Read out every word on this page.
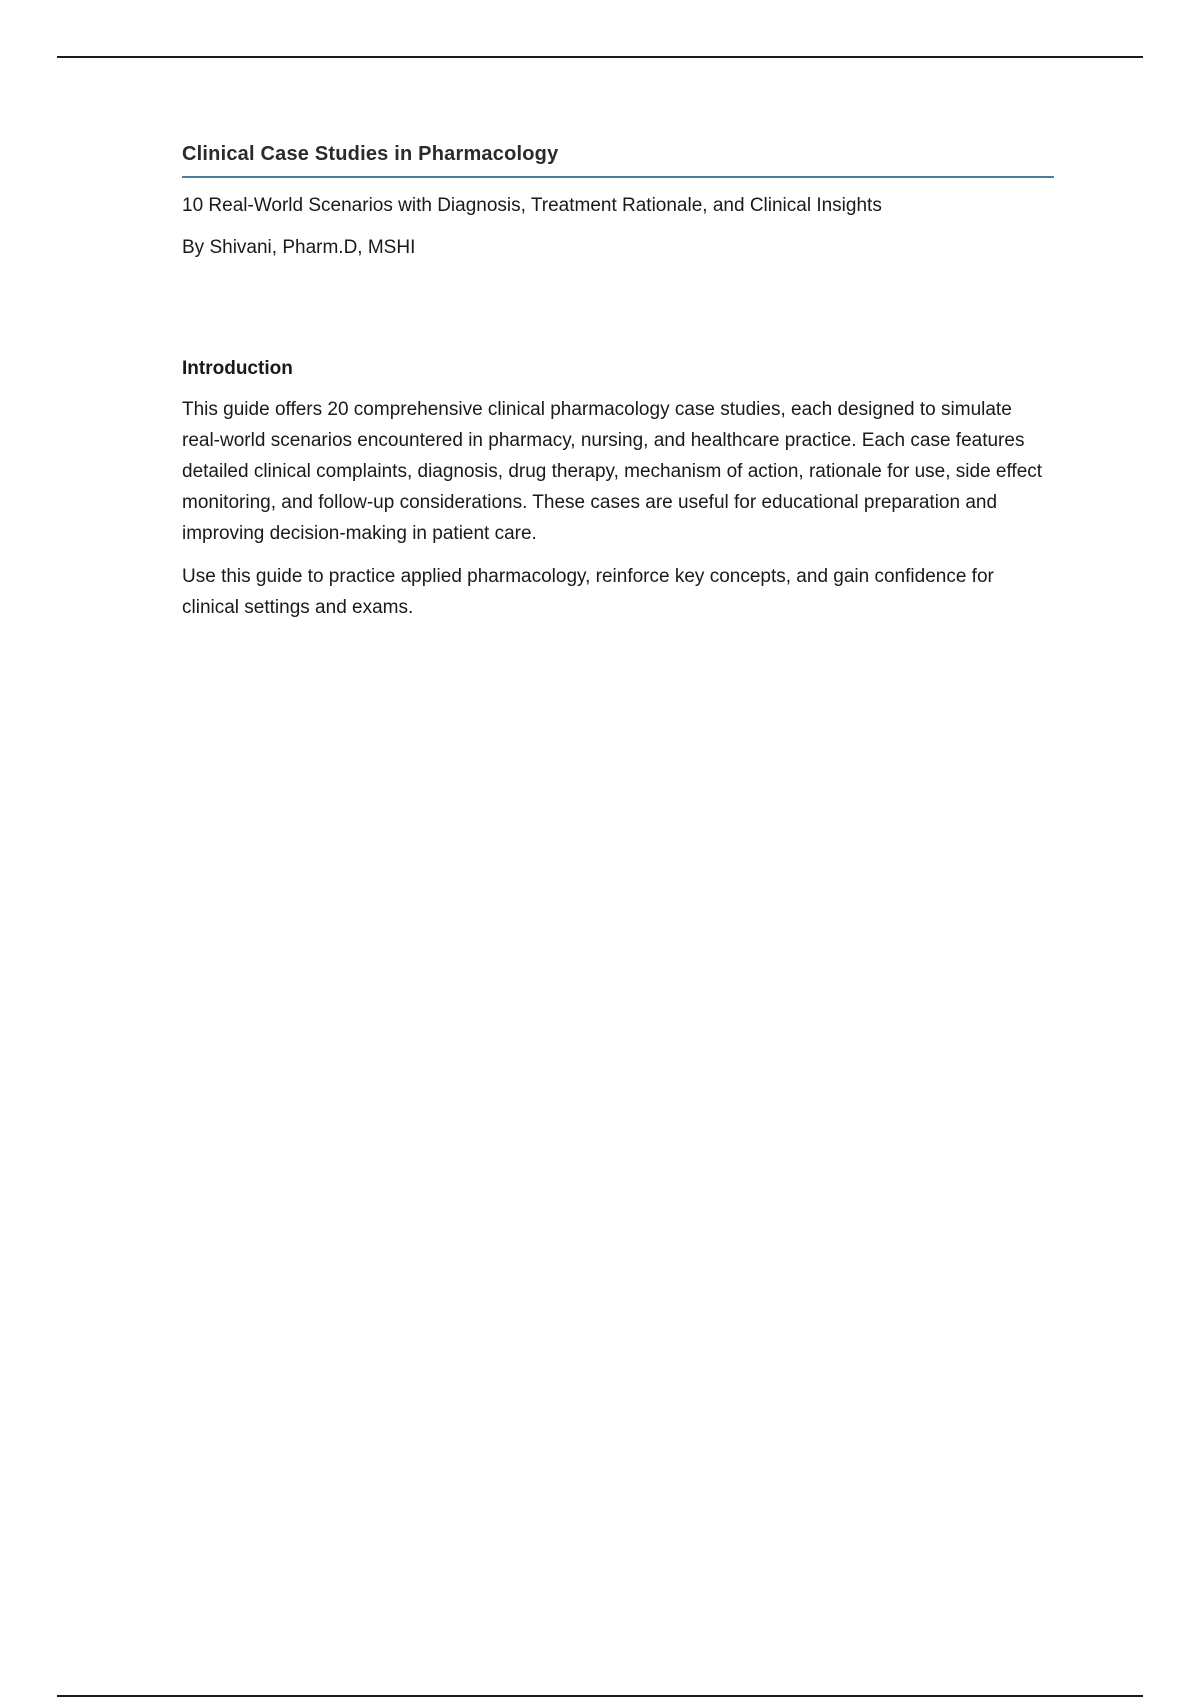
Clinical Case Studies in Pharmacology

10 Real-World Scenarios with Diagnosis, Treatment Rationale, and Clinical Insights

By Shivani, Pharm.D, MSHI

Introduction

This guide offers 20 comprehensive clinical pharmacology case studies, each designed to simulate real-world scenarios encountered in pharmacy, nursing, and healthcare practice. Each case features detailed clinical complaints, diagnosis, drug therapy, mechanism of action, rationale for use, side effect monitoring, and follow-up considerations. These cases are useful for educational preparation and improving decision-making in patient care.

Use this guide to practice applied pharmacology, reinforce key concepts, and gain confidence for clinical settings and exams.
